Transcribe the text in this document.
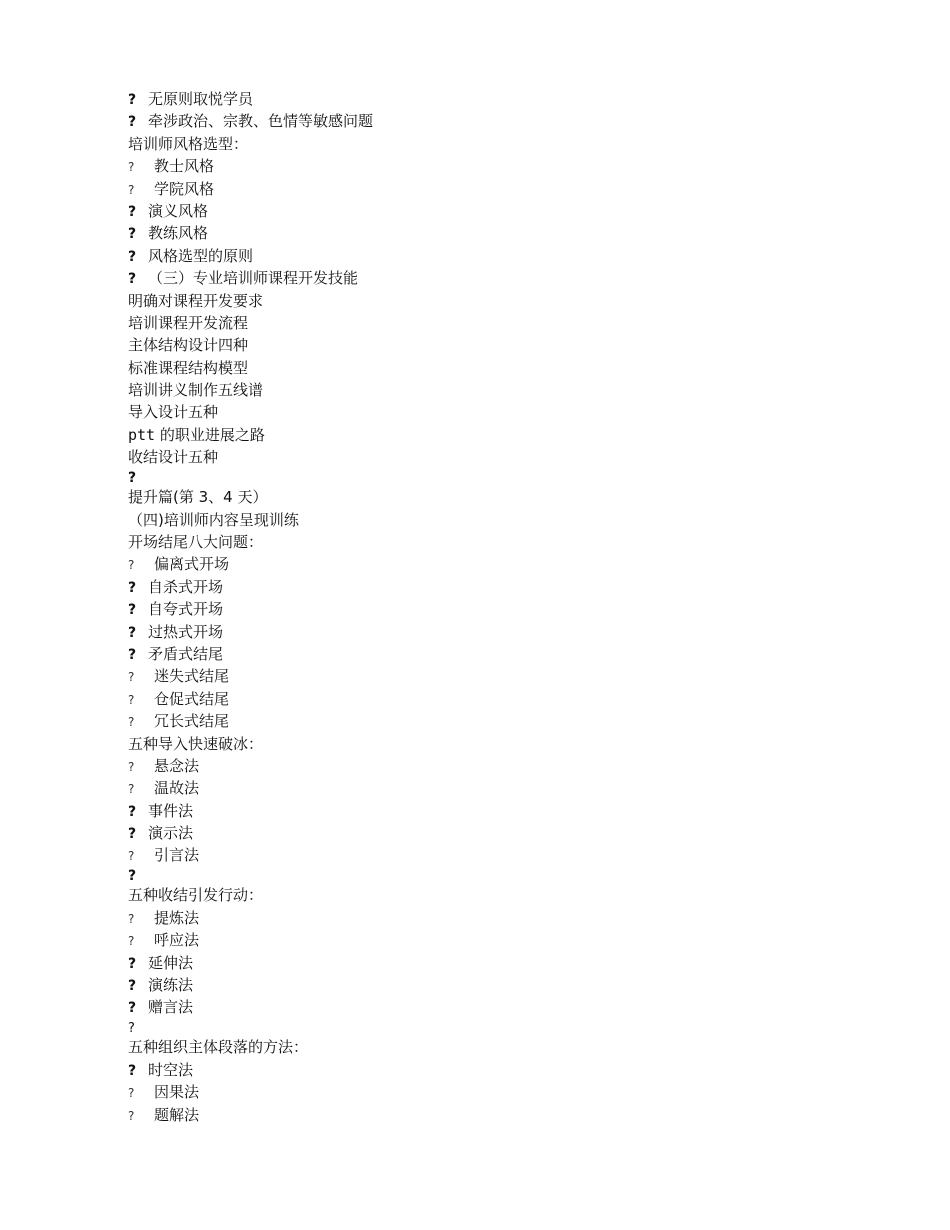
? 无原则取悦学员
? 牵涉政治、宗教、色情等敏感问题
培训师风格选型：
? 教士风格
? 学院风格
? 演义风格
? 教练风格
? 风格选型的原则
? （三）专业培训师课程开发技能
明确对课程开发要求
培训课程开发流程
主体结构设计四种
标准课程结构模型
培训讲义制作五线谱
导入设计五种
ptt 的职业进展之路
收结设计五种
?
提升篇(第 3、4 天）
（四)培训师内容呈现训练
开场结尾八大问题：
? 偏离式开场
? 自杀式开场
? 自夸式开场
? 过热式开场
? 矛盾式结尾
? 迷失式结尾
? 仓促式结尾
? 冗长式结尾
五种导入快速破冰：
? 悬念法
? 温故法
? 事件法
? 演示法
? 引言法
?
五种收结引发行动：
? 提炼法
? 呼应法
? 延伸法
? 演练法
? 赠言法
?
五种组织主体段落的方法：
? 时空法
? 因果法
? 题解法
